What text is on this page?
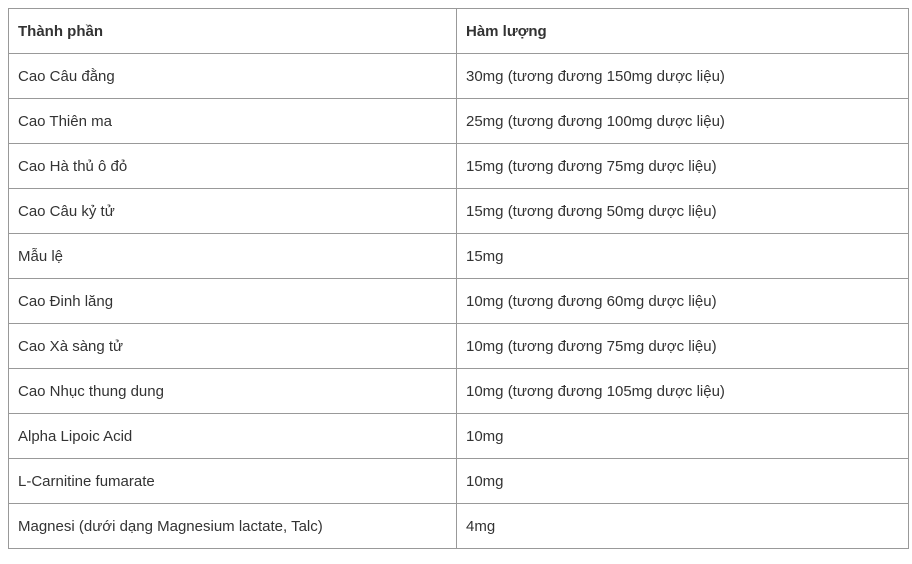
Thành phần	Hàm lượng
Cao Câu đằng	30mg (tương đương 150mg dược liệu)
Cao Thiên ma	25mg (tương đương 100mg dược liệu)
Cao Hà thủ ô đỏ	15mg (tương đương 75mg dược liệu)
Cao Câu kỷ tử	15mg (tương đương 50mg dược liệu)
Mẫu lệ	15mg
Cao Đinh lăng	10mg (tương đương 60mg dược liệu)
Cao Xà sàng tử	10mg (tương đương 75mg dược liệu)
Cao Nhục thung dung	10mg (tương đương 105mg dược liệu)
Alpha Lipoic Acid	10mg
L-Carnitine fumarate	10mg
Magnesi (dưới dạng Magnesium lactate, Talc)	4mg
